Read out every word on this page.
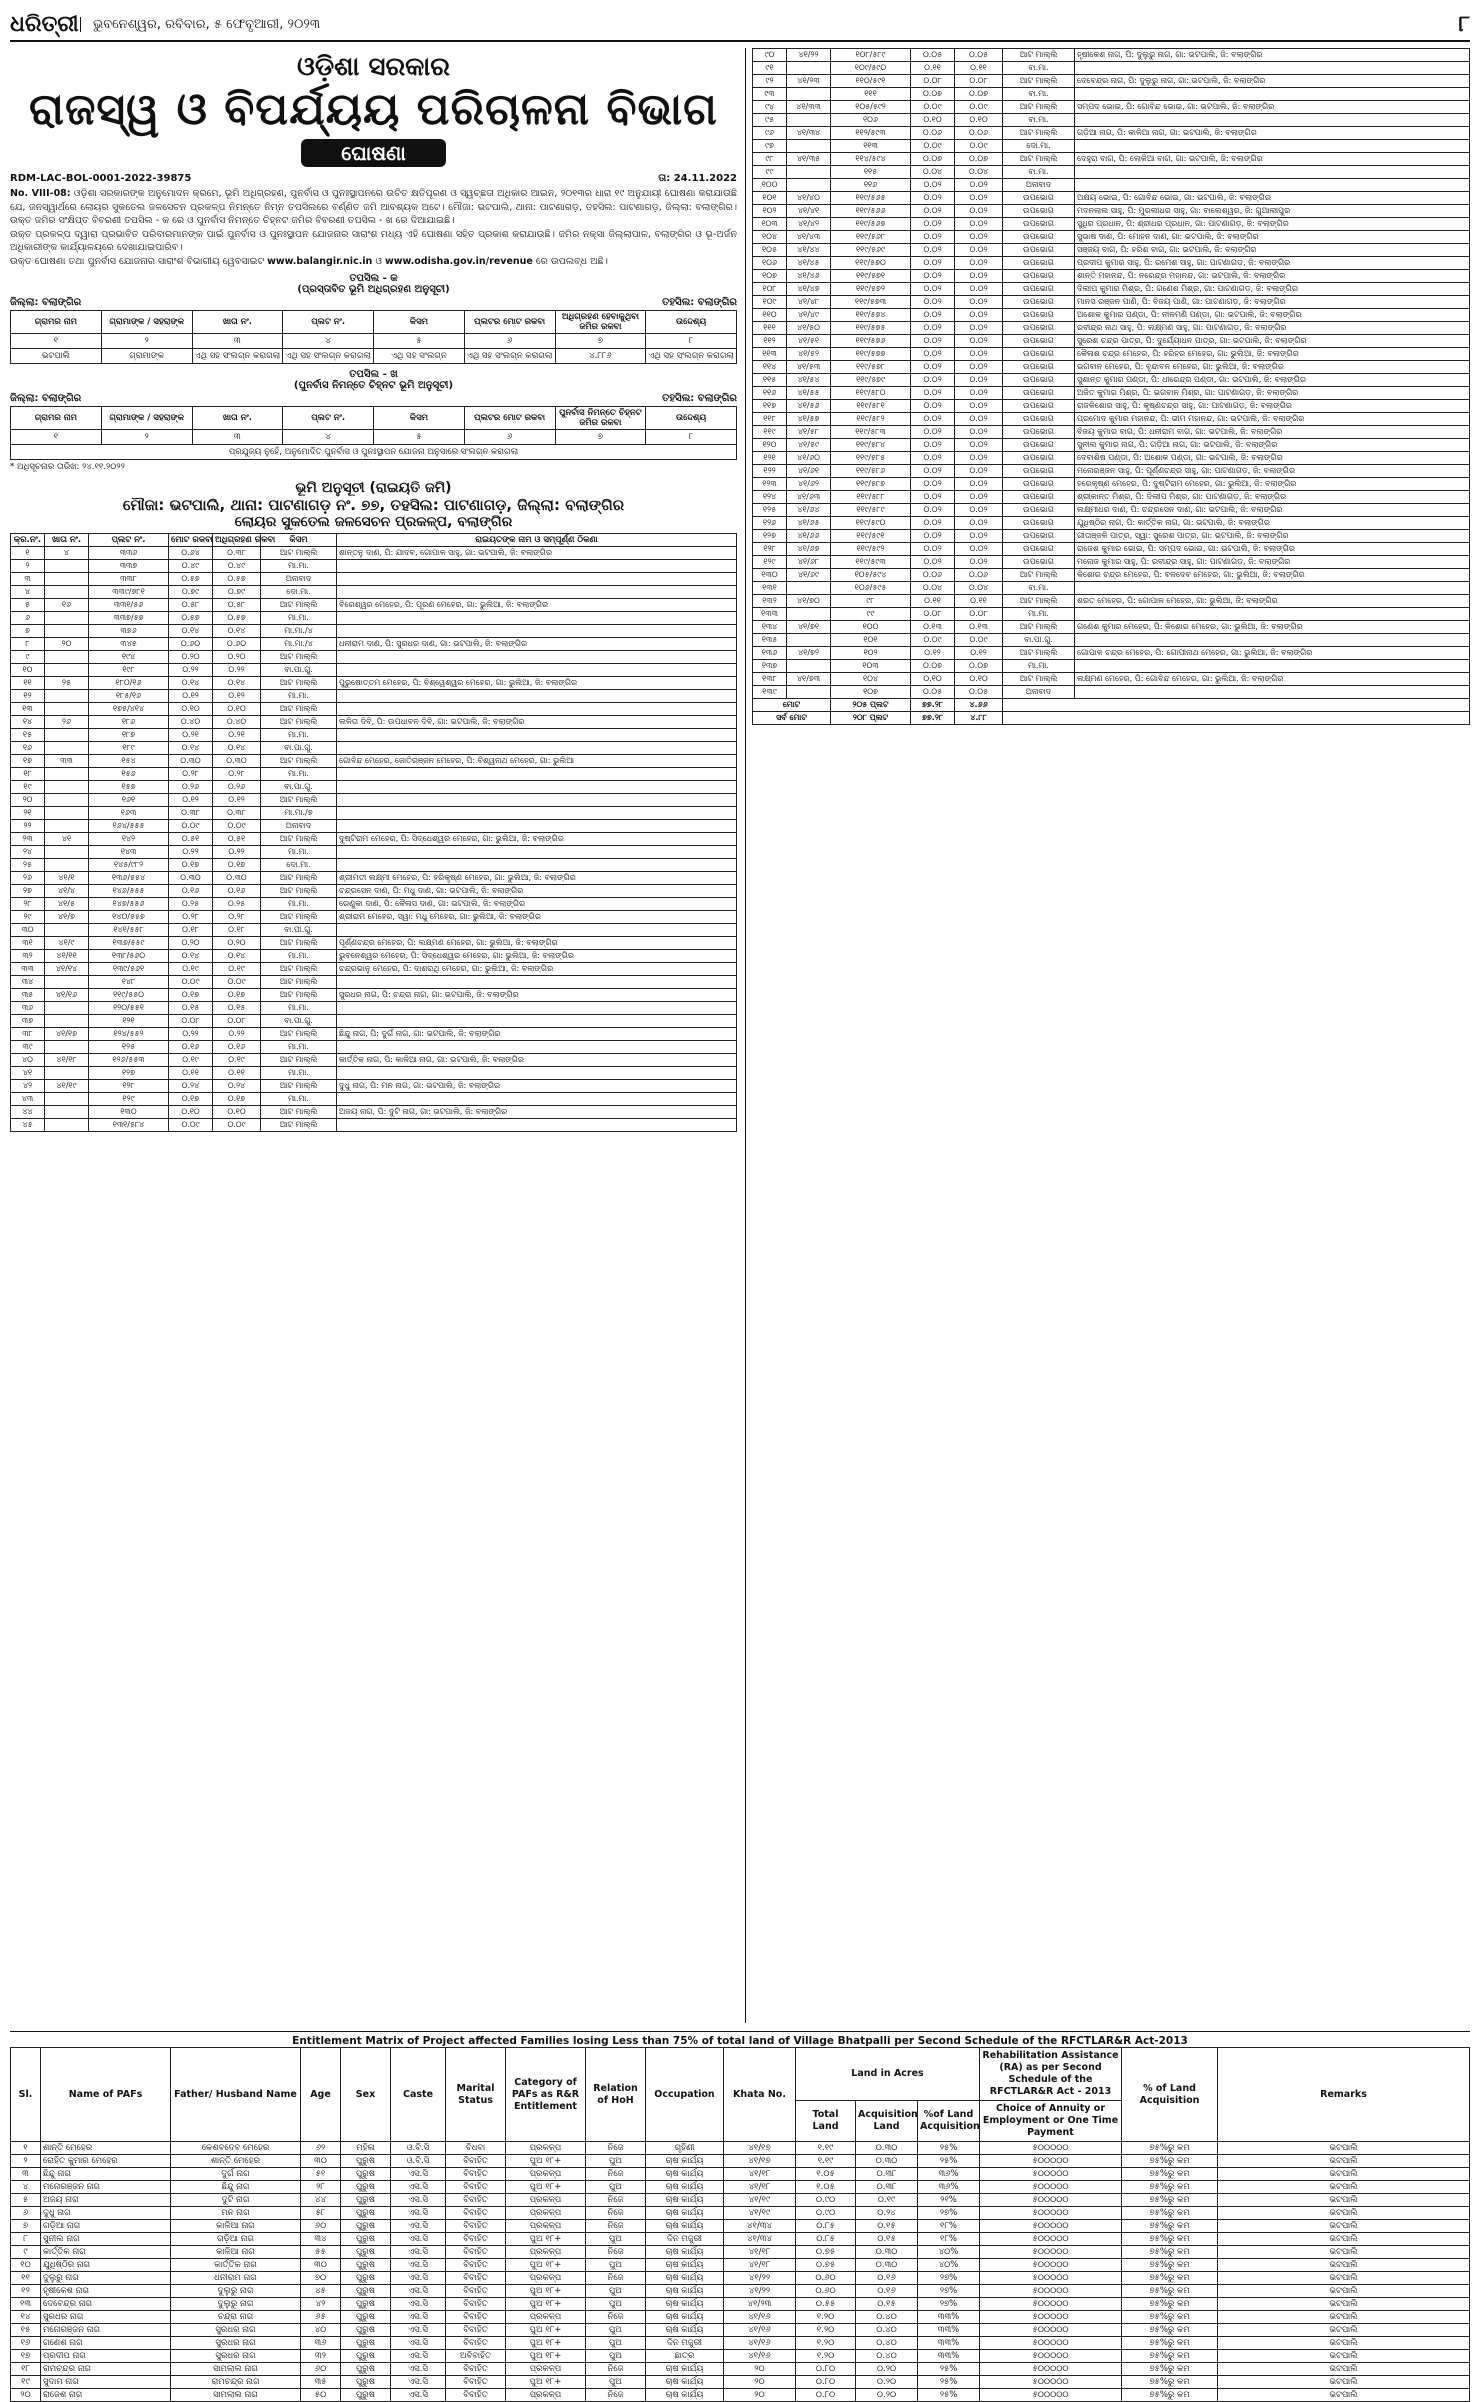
ଧରିତ୍ରୀ	ଭୁବନେଶ୍ୱର, ରବିବାର, ୫ ଫେବୃଆରୀ, ୨୦୨୩	୮
ଓଡ଼ିଶା ସରକାର
ରାଜସ୍ୱ ଓ ବିପର୍ଯ୍ୟୟ ପରିଚାଳନା ବିଭାଗ
ଘୋଷଣା
RDM-LAC-BOL-0001-2022-39875	ତା: 24.11.2022

No. VIII-08: ଓଡ଼ିଶା ସରକାରଙ୍କ ଅନୁମୋଦନ କ୍ରମେ, ଭୂମି ଅଧିଗ୍ରହଣ, ପୁନର୍ବାସ ଓ ପୁନଃସ୍ଥାପନରେ ଉଚିତ କ୍ଷତିପୂରଣ ଓ ସ୍ୱଚ୍ଛତା ଅଧିକାର ଆଇନ, ୨୦୧୩ର ଧାରା ୧୯ ଅନୁଯାୟୀ ଘୋଷଣା କରାଯାଉଛି ଯେ, ଜନସ୍ୱାର୍ଥରେ ଲୋୟର ସୁକତେଲ ଜଳସେଚନ ପ୍ରକଳ୍ପ ନିମନ୍ତେ ନିମ୍ନ ତପସିଲରେ ବର୍ଣ୍ଣିତ ଜମି ଆବଶ୍ୟକ ଅଟେ। ମୌଜା: ଭଟପାଲି, ଥାନା: ପାଟଣାଗଡ଼, ତହସିଲ: ପାଟଣାଗଡ଼, ଜିଲ୍ଲା: ବଲାଙ୍ଗିର। ଉକ୍ତ ଜମିର ସଂକ୍ଷିପ୍ତ ବିବରଣୀ ତପସିଲ - କ ରେ ଓ ପୁନର୍ବାସ ନିମନ୍ତେ ଚିହ୍ନଟ ଜମିର ବିବରଣୀ ତପସିଲ - ଖ ରେ ଦିଆଯାଇଛି।

ଉକ୍ତ ପ୍ରକଳ୍ପ ଦ୍ୱାରା ପ୍ରଭାବିତ ପରିବାରମାନଙ୍କ ପାଇଁ ପୁନର୍ବାସ ଓ ପୁନଃସ୍ଥାପନ ଯୋଜନାର ସାରାଂଶ ମଧ୍ୟ ଏହି ଘୋଷଣା ସହିତ ପ୍ରକାଶ କରାଯାଉଛି। ଜମିର ନକ୍ସା ଜିଲ୍ଲାପାଳ, ବଲାଙ୍ଗିର ଓ ଭୂ-ଅର୍ଜନ ଅଧିକାରୀଙ୍କ କାର୍ଯ୍ୟାଳୟରେ ଦେଖାଯାଇପାରିବ।

ଉକ୍ତ ଘୋଷଣା ତଥା ପୁନର୍ବାସ ଯୋଜନାର ସାରାଂଶ ବିଭାଗୀୟ ୱେବସାଇଟ www.balangir.nic.in ଓ www.odisha.gov.in/revenue ରେ ଉପଲବ୍ଧ ଅଛି।

ତପସିଲ - କ
(ପ୍ରସ୍ତାବିତ ଭୂମି ଅଧିଗ୍ରହଣ ଅନୁସୂଚୀ)
ଜିଲ୍ଲା: ବଲାଙ୍ଗିର	ତହସିଲ: ବଲାଙ୍ଗିର
ଗ୍ରାମର ନାମ	ଗ୍ରାମାଙ୍କ / ସହରାଙ୍କ	ଖାତା ନଂ.	ପ୍ଲଟ ନଂ.	କିସମ	ପ୍ଲଟର ମୋଟ ରକବା	ଅଧିଗ୍ରହଣ ହେବାକୁଥିବା ଜମିର ରକବା	ଉଦ୍ଦେଶ୍ୟ
୧	୨	୩	୪	୫	୬	୭	୮
ଭଟପାଲି	ଗ୍ରାମାଙ୍କ	ଏଥି ସହ ସଂଲଗ୍ନ କରାଗଲା	ଏଥି ସହ ସଂଲଗ୍ନ କରାଗଲା	ଏଥି ସହ ସଂଲଗ୍ନ	ଏଥି ସହ ସଂଲଗ୍ନ କରାଗଲା	୪.୮୮୬	ଏଥି ସହ ସଂଲଗ୍ନ କରାଗଲା
ତପସିଲ - ଖ
(ପୁନର୍ବାସ ନିମନ୍ତେ ଚିହ୍ନଟ ଭୂମି ଅନୁସୂଚୀ)
ଜିଲ୍ଲା: ବଲାଙ୍ଗିର	ତହସିଲ: ବଲାଙ୍ଗିର
ଗ୍ରାମର ନାମ	ଗ୍ରାମାଙ୍କ / ସହରାଙ୍କ	ଖାତା ନଂ.	ପ୍ଲଟ ନଂ.	କିସମ	ପ୍ଲଟର ମୋଟ ରକବା	ପୁନର୍ବାସ ନିମନ୍ତେ ଚିହ୍ନଟ ଜମିର ରକବା	ଉଦ୍ଦେଶ୍ୟ
୧	୨	୩	୪	୫	୬	୭	୮
ପ୍ରଯୁଜ୍ୟ ନୁହେଁ, ଅନୁମୋଦିତ ପୁନର୍ବାସ ଓ ପୁନଃସ୍ଥାପନ ଯୋଜନା ଅନୁସାରେ ସଂଲଗ୍ନ କରାଗଲା							
* ଅଧିସୂଚନାର ତାରିଖ: ୨୪.୧୧.୨୦୨୨
ଭୂମି ଅନୁସୂଚୀ (ରାଇୟତି ଜମି)
ମୌଜା: ଭଟପାଲି, ଥାନା: ପାଟଣାଗଡ଼ ନଂ. ୭୭, ତହସିଲ: ପାଟଣାଗଡ଼, ଜିଲ୍ଲା: ବଲାଙ୍ଗିର
ଲୋୟର ସୁକତେଲ ଜଳସେଚନ ପ୍ରକଳ୍ପ, ବଲାଙ୍ଗିର
କ୍ର.ନଂ.	ଖାତା ନଂ.	ପ୍ଲଟ ନଂ.	ମୋଟ ରକବା	ଅଧିଗ୍ରହଣ ରକବା	କିସମ	ରାଇୟତଙ୍କ ନାମ ଓ ସମ୍ପୂର୍ଣ୍ଣ ଠିକଣା
୧	୪	୩୩୬	୦.୬୪	୦.୩୮	ଆଟ ମାଲ୍ଲି	ଶାନ୍ତନୁ ଦାଣ, ପି: ଯାଦବ, ଗୋପାଳ ସାହୁ, ଗା: ଭଟପାଲି, ଜି: ବଲାଙ୍ଗିର
୨		୩୩୭	୦.୪୯	୦.୪୯	ମା.ମା.	
୩		୩୩୮	୦.୫୭	୦.୫୭	ଅନାବାଦ	
୪		୩୩୯/୭୮୧	୦.୭୯	୦.୭୯	ଦୋ.ମା.	
୫	୧୬	୩୩୧/୫୬	୦.୫୮	୦.୫୮	ଆଟ ମାଲ୍ଲି	ବିରେଶ୍ୱର ମେହେର, ପି: ପୂରଣ ମେହେର, ଗା: ଭୁଲିଆ, ଜି: ବଲାଙ୍ଗିର
୬		୩୩୭/୫୭	୦.୫୭	୦.୫୭	ମା.ମା.	
୭		୩୭୬	୦.୧୪	୦.୧୪	ମା.ମା./୪	
୮	୨୦	୩୪୫	୦.୬୦	୦.୬୦	ମା.ମା./୪	ଧନୀରାମ ଦାଣ, ପି: ସୁରଧର ଦାଣ, ଗା: ଭଟପାଲି, ଜି: ବଲାଙ୍ଗିର
୯		୧୯୪	୦.୨୦	୦.୨୦	ଆଟ ମାଲ୍ଲି	
୧୦		୧୯୮	୦.୨୨	୦.୨୨	ବା.ପା.ଗୁ.	
୧୧	୨୫	୧୮୦/୧୬	୦.୧୪	୦.୧୪	ଆଟ ମାଲ୍ଲି	ପୁରୁଷୋତ୍ତମ ମେହେର, ପି: ବିଶ୍ୱେଶ୍ୱର ମେହେର, ଗା: ଭୁଲିଆ, ଜି: ବଲାଙ୍ଗିର
୧୨		୧୮୫/୧୬	୦.୧୨	୦.୧୨	ମା.ମା.	
୧୩		୧୭୫/୪୧୪	୦.୧୦	୦.୧୦	ଆଟ ମାଲ୍ଲି	
୧୪	୨୬	୧୮୬	୦.୪୦	୦.୪୦	ଆଟ ମାଲ୍ଲି	ଲଳିତା ଦିବି, ପି: ଉପଧାବନ ଦିବି, ଗା: ଭଟପାଲି, ଜି: ବଲାଙ୍ଗିର
୧୫		୧୮୭	୦.୨୧	୦.୨୧	ମା.ମା.	
୧୬		୧୮୯	୦.୧୪	୦.୧୪	ବା.ପା.ଗୁ.	
୧୭	୩୩	୧୫୪	୦.୩୦	୦.୩୦	ଆଟ ମାଲ୍ଲି	ଗୋବିନ୍ଦ ମେହେର, ଜୋତିରଞ୍ଜନ ମେହେର, ପି: ବିଶ୍ୱନାଥ ମେହେର, ଗା: ଭୁଲିଆ
୧୮		୧୫୬	୦.୨୮	୦.୨୮	ମା.ମା.	
୧୯		୧୫୭	୦.୨୬	୦.୨୬	ବା.ପା.ଗୁ.	
୨୦		୧୬୧	୦.୧୨	୦.୧୨	ଆଟ ମାଲ୍ଲି	
୨୧		୧୬୩	୦.୩୮	୦.୩୮	ମା.ମା./୭	
୨୨		୧୬୪/୫୫୫	୦.୦୯	୦.୦୯	ଅନାବାଦ	
୨୩	୪୧	୧୪୨	୦.୫୧	୦.୫୧	ଆଟ ମାଲ୍ଲି	ଦୁଷ୍ଟିରାମ ମେହେର, ପି: ସିଦ୍ଧେଶ୍ୱର ମେହେର, ଗା: ଭୁଲିଆ, ଜି: ବଲାଙ୍ଗିର
୨୪		୧୪୩	୦.୨୨	୦.୨୨	ମା.ମା.	
୨୫		୧୪୫/୯୮୨	୦.୧୭	୦.୧୭	ଦୋ.ମା.	
୨୬	୪୧/୧	୧୩୬/୫୫୪	୦.୩୦	୦.୩୦	ଆଟ ମାଲ୍ଲି	ଶ୍ରୀମତୀ ଲକ୍ଷ୍ମୀ ମେହେର, ପି: ହରିକୃଷ୍ଣ ମେହେର, ଗା: ଭୁଲିଆ, ଜି: ବଲାଙ୍ଗିର
୨୭	୪୧/୪	୧୪୬/୫୫୫	୦.୧୬	୦.୧୬	ଆଟ ମାଲ୍ଲି	ଚନ୍ଦ୍ରସେନ ଦାଣ, ପି: ମଧୁ ଦାଣ, ଗା: ଭଟପାଲି, ଜି: ବଲାଙ୍ଗିର
୨୮	୪୧/୫	୧୪୭/୫୫୬	୦.୨୫	୦.୨୫	ମା.ମା.	ରେଣୁକା ଦାଣ, ପି: କୈଳାସ ଦାଣ, ଗା: ଭଟପାଲି, ଜି: ବଲାଙ୍ଗିର
୨୯	୪୧/୭	୧୪୦/୫୫୭	୦.୨୮	୦.୨୮	ଆଟ ମାଲ୍ଲି	ଶ୍ରୀରାମ ମେହେର, ସ୍ୱା: ମଧୁ ମେହେର, ଗା: ଭୁଲିଆ, ଜି: ବଲାଙ୍ଗିର
୩୦		୧୪୧/୫୫୮	୦.୧୮	୦.୧୮	ବା.ପା.ଗୁ.	
୩୧	୪୧/୯	୧୩୭/୫୫୯	୦.୨୦	୦.୨୦	ଆଟ ମାଲ୍ଲି	ପୂର୍ଣ୍ଣଚନ୍ଦ୍ର ମେହେର, ପି: ଲକ୍ଷ୍ମଣ ମେହେର, ଗା: ଭୁଲିଆ, ଜି: ବଲାଙ୍ଗିର
୩୨	୪୧/୧୧	୧୩୮/୫୬୦	୦.୧୪	୦.୧୪	ମା.ମା.	ଭୁବନେଶ୍ୱର ମେହେର, ପି: ସିଦ୍ଧେଶ୍ୱର ମେହେର, ଗା: ଭୁଲିଆ, ଜି: ବଲାଙ୍ଗିର
୩୩	୪୧/୧୪	୧୩୯/୫୬୧	୦.୧୯	୦.୧୯	ଆଟ ମାଲ୍ଲି	ଚନ୍ଦ୍ରଭାନୁ ମେହେର, ପି: ଦାଶରଥି ମେହେର, ଗା: ଭୁଲିଆ, ଜି: ବଲାଙ୍ଗିର
୩୪		୧୪୮	୦.୦୯	୦.୦୯	ଆଟ ମାଲ୍ଲି	
୩୫	୪୧/୧୬	୧୧୯/୫୫୦	୦.୧୭	୦.୧୭	ଆଟ ମାଲ୍ଲି	ସୁରଧର ନାଗ, ପି: ଚନ୍ଦ୍ରା ନାଗ, ଗା: ଭଟପାଲି, ଜି: ବଲାଙ୍ଗିର
୩୬		୧୨୦/୫୫୧	୦.୧୫	୦.୧୫	ମା.ମା.	
୩୭		୧୨୧	୦.୦୮	୦.୦୮	ବା.ପା.ଗୁ.	
୩୮	୪୧/୧୭	୧୨୪/୫୫୨	୦.୨୨	୦.୨୨	ଆଟ ମାଲ୍ଲି	ଛିନ୍ଦୁ ନାଗ, ପି: ଦୁର୍ଗ ନାଗ, ଗା: ଭଟପାଲି, ଜି: ବଲାଙ୍ଗିର
୩୯		୧୨୫	୦.୧୬	୦.୧୬	ମା.ମା.	
୪୦	୪୧/୧୮	୧୨୬/୫୫୩	୦.୧୯	୦.୧୯	ଆଟ ମାଲ୍ଲି	କାର୍ତ୍ତିକ ନାଗ, ପି: କାଳିଆ ନାଗ, ଗା: ଭଟପାଲି, ଜି: ବଲାଙ୍ଗିର
୪୧		୧୨୭	୦.୧୧	୦.୧୧	ମା.ମା.	
୪୨	୪୧/୧୯	୧୨୮	୦.୨୪	୦.୨୪	ଆଟ ମାଲ୍ଲି	ଦୁଧୁ ନାଗ, ପି: ମନ ନାଗ, ଗା: ଭଟପାଲି, ଜି: ବଲାଙ୍ଗିର
୪୩		୧୨୯	୦.୧୭	୦.୧୭	ମା.ମା.	
୪୪		୧୩୦	୦.୧୦	୦.୧୦	ଆଟ ମାଲ୍ଲି	ଅଜୟ ନାଗ, ପି: ଦୁଟି ନାଗ, ଗା: ଭଟପାଲି, ଜି: ବଲାଙ୍ଗିର
୪୫		୧୩୧/୫୮୪	୦.୦୯	୦.୦୯	ଆଟ ମାଲ୍ଲି	
୯୦	୪୧/୨୨	୧୦୮/୫୮୯	୦.୦୫	୦.୦୫	ଆଟ ମାଲ୍ଲି	ହୃଷୀକେଶ ନାଗ, ପି: ଦୁଲୁରୁ ନାଗ, ଗା: ଭଟପାଲି, ଜି: ବଲାଙ୍ଗିର
୯୧		୧୦୯/୫୯୦	୦.୧୧	୦.୧୧	ବା.ମା.	
୯୨	୪୧/୨୩	୧୧୦/୫୯୧	୦.୦୮	୦.୦୮	ଆଟ ମାଲ୍ଲି	ଦେବେନ୍ଦ୍ର ନାଗ, ପି: ଦୁଲୁରୁ ନାଗ, ଗା: ଭଟପାଲି, ଜି: ବଲାଙ୍ଗିର
୯୩		୧୧୧	୦.୦୭	୦.୦୭	ବା.ମା.	
୯୪	୪୧/୩୩	୧୦୫/୫୯୨	୦.୦୯	୦.୦୯	ଆଟ ମାଲ୍ଲି	ସମ୍ପଦ ଭୋଇ, ପି: ଗୋବିନ୍ଦ ଭୋଇ, ଗା: ଭଟପାଲି, ଜି: ବଲାଙ୍ଗିର
୯୫		୧୦୬	୦.୧୦	୦.୧୦	ବା.ମା.	
୯୬	୪୧/୩୪	୧୧୨/୫୯୩	୦.୦୬	୦.୦୬	ଆଟ ମାଲ୍ଲି	ଗଡ଼ିଆ ନାଗ, ପି: କାଳିଆ ନାଗ, ଗା: ଭଟପାଲି, ଜି: ବଲାଙ୍ଗିର
୯୭		୧୧୩	୦.୦୯	୦.୦୯	ଦୋ.ମା.	
୯୮	୪୧/୩୫	୧୧୪/୫୯୪	୦.୦୭	୦.୦୭	ଆଟ ମାଲ୍ଲି	ଦେହୁରା ବାଗ, ପି: ଲୋକିଆ ବାଗ, ଗା: ଭଟପାଲି, ଜି: ବଲାଙ୍ଗିର
୯୯		୧୧୫	୦.୦୪	୦.୦୪	ବା.ମା.	
୧୦୦		୧୧୬	୦.୦୨	୦.୦୨	ଅନାବାଦ	
୧୦୧	୪୧/୪୦	୧୧୯/୫୬୫	୦.୦୨	୦.୦୨	ଉପଭୋଗ	ଅକ୍ଷୟ ଭୋଇ, ପି: ଗୋବିନ୍ଦ ଭୋଇ, ଗା: ଭଟପାଲି, ଜି: ବଲାଙ୍ଗିର
୧୦୨	୪୧/୪୧	୧୧୯/୫୬୬	୦.୦୨	୦.୦୨	ଉପଭୋଗ	ମଦନଲାଲ ସାହୁ, ପି: ମୁରଲୀଧର ସାହୁ, ଗା: ବାଲେଶ୍ୱର, ଜି: ଗୁଆଲୀପୁର
୧୦୩	୪୧/୪୨	୧୧୯/୫୬୭	୦.୦୨	୦.୦୨	ଉପଭୋଗ	ସୁଧିର ପ୍ରଧାନ, ପି: ଶ୍ରୀଧର ପ୍ରଧାନ, ଗା: ପାଟଣାଗଡ଼, ଜି: ବଲାଙ୍ଗିର
୧୦୪	୪୧/୪୩	୧୧୯/୫୬୮	୦.୦୨	୦.୦୨	ଉପଭୋଗ	ସୁଭାଷ ଦାଣ, ପି: ମୋହନ ଦାଣ, ଗା: ଭଟପାଲି, ଜି: ବଲାଙ୍ଗିର
୧୦୫	୪୧/୪୪	୧୧୯/୫୬୯	୦.୦୨	୦.୦୨	ଉପଭୋଗ	ସଞ୍ଜୟ ବାଗ, ପି: ହରିଶ ବାଗ, ଗା: ଭଟପାଲି, ଜି: ବଲାଙ୍ଗିର
୧୦୬	୪୧/୪୫	୧୧୯/୫୭୦	୦.୦୨	୦.୦୨	ଉପଭୋଗ	ପ୍ରଦୀପ କୁମାର ସାହୁ, ପି: ରମେଶ ସାହୁ, ଗା: ପାଟଣାଗଡ଼, ଜି: ବଲାଙ୍ଗିର
୧୦୭	୪୧/୪୬	୧୧୯/୫୭୧	୦.୦୨	୦.୦୨	ଉପଭୋଗ	ଶାନ୍ତି ମହାନନ୍ଦ, ପି: ନରେନ୍ଦ୍ର ମହାନନ୍ଦ, ଗା: ଭଟପାଲି, ଜି: ବଲାଙ୍ଗିର
୧୦୮	୪୧/୪୭	୧୧୯/୫୭୨	୦.୦୨	୦.୦୨	ଉପଭୋଗ	ଦିଲୀପ କୁମାର ମିଶ୍ର, ପି: ଗଣେଶ ମିଶ୍ର, ଗା: ପାଟଣାଗଡ଼, ଜି: ବଲାଙ୍ଗିର
୧୦୯	୪୧/୪୮	୧୧୯/୫୭୩	୦.୦୨	୦.୦୨	ଉପଭୋଗ	ମାନସ ରଞ୍ଜନ ପାଣି, ପି: ବିଜୟ ପାଣି, ଗା: ପାଟଣାଗଡ଼, ଜି: ବଲାଙ୍ଗିର
୧୧୦	୪୧/୪୯	୧୧୯/୫୭୪	୦.୦୨	୦.୦୨	ଉପଭୋଗ	ଅଶୋକ କୁମାର ପଣ୍ଡା, ପି: ନୀଳମଣି ପଣ୍ଡା, ଗା: ଭଟପାଲି, ଜି: ବଲାଙ୍ଗିର
୧୧୧	୪୧/୫୦	୧୧୯/୫୭୫	୦.୦୨	୦.୦୨	ଉପଭୋଗ	ରବୀନ୍ଦ୍ର ନାଥ ସାହୁ, ପି: ଲକ୍ଷ୍ମଣ ସାହୁ, ଗା: ପାଟଣାଗଡ଼, ଜି: ବଲାଙ୍ଗିର
୧୧୨	୪୧/୫୧	୧୧୯/୫୭୬	୦.୦୨	୦.୦୨	ଉପଭୋଗ	ସୁରେଶ ଚନ୍ଦ୍ର ପାତ୍ର, ପି: ଦୁର୍ଯ୍ୟୋଧନ ପାତ୍ର, ଗା: ଭଟପାଲି, ଜି: ବଲାଙ୍ଗିର
୧୧୩	୪୧/୫୨	୧୧୯/୫୭୭	୦.୦୨	୦.୦୨	ଉପଭୋଗ	କୈଳାଶ ଚନ୍ଦ୍ର ମେହେର, ପି: ହରିହର ମେହେର, ଗା: ଭୁଲିଆ, ଜି: ବଲାଙ୍ଗିର
୧୧୪	୪୧/୫୩	୧୧୯/୫୭୮	୦.୦୨	୦.୦୨	ଉପଭୋଗ	ଭଗବାନ ମେହେର, ପି: ବୃନ୍ଦାବନ ମେହେର, ଗା: ଭୁଲିଆ, ଜି: ବଲାଙ୍ଗିର
୧୧୫	୪୧/୫୪	୧୧୯/୫୭୯	୦.୦୨	୦.୦୨	ଉପଭୋଗ	ସୁଶାନ୍ତ କୁମାର ପଣ୍ଡା, ପି: ଧୀରେନ୍ଦ୍ର ପଣ୍ଡା, ଗା: ଭଟପାଲି, ଜି: ବଲାଙ୍ଗିର
୧୧୬	୪୧/୫୫	୧୧୯/୫୮୦	୦.୦୨	୦.୦୨	ଉପଭୋଗ	ଅଜିତ କୁମାର ମିଶ୍ର, ପି: ଭଗବାନ ମିଶ୍ର, ଗା: ପାଟଣାଗଡ଼, ଜି: ବଲାଙ୍ଗିର
୧୧୭	୪୧/୫୬	୧୧୯/୫୮୧	୦.୦୨	୦.୦୨	ଉପଭୋଗ	ରାଜକିଶୋର ସାହୁ, ପି: କୃଷ୍ଣଚନ୍ଦ୍ର ସାହୁ, ଗା: ପାଟଣାଗଡ଼, ଜି: ବଲାଙ୍ଗିର
୧୧୮	୪୧/୫୭	୧୧୯/୫୮୨	୦.୦୨	୦.୦୨	ଉପଭୋଗ	ପ୍ରମୋଦ କୁମାର ମହାନନ୍ଦ, ପି: ଭୀମ ମହାନନ୍ଦ, ଗା: ଭଟପାଲି, ଜି: ବଲାଙ୍ଗିର
୧୧୯	୪୧/୫୮	୧୧୯/୫୮୩	୦.୦୨	୦.୦୨	ଉପଭୋଗ	ବିଜୟ କୁମାର ବାଗ, ପି: ଧନୀରାମ ବାଗ, ଗା: ଭଟପାଲି, ଜି: ବଲାଙ୍ଗିର
୧୨୦	୪୧/୫୯	୧୧୯/୫୮୪	୦.୦୨	୦.୦୨	ଉପଭୋଗ	ସୁନୀଲ କୁମାର ନାଗ, ପି: ଗଡ଼ିଆ ନାଗ, ଗା: ଭଟପାଲି, ଜି: ବଲାଙ୍ଗିର
୧୨୧	୪୧/୬୦	୧୧୯/୫୮୫	୦.୦୨	୦.୦୨	ଉପଭୋଗ	ଦେବାଶିଷ ପଣ୍ଡା, ପି: ଅଶୋକ ପଣ୍ଡା, ଗା: ଭଟପାଲି, ଜି: ବଲାଙ୍ଗିର
୧୨୨	୪୧/୬୧	୧୧୯/୫୮୬	୦.୦୨	୦.୦୨	ଉପଭୋଗ	ମନୋରଞ୍ଜନ ସାହୁ, ପି: ପୂର୍ଣ୍ଣଚନ୍ଦ୍ର ସାହୁ, ଗା: ପାଟଣାଗଡ଼, ଜି: ବଲାଙ୍ଗିର
୧୨୩	୪୧/୬୨	୧୧୯/୫୮୭	୦.୦୨	୦.୦୨	ଉପଭୋଗ	ହରେକୃଷ୍ଣ ମେହେର, ପି: ଦୁଷ୍ଟିରାମ ମେହେର, ଗା: ଭୁଲିଆ, ଜି: ବଲାଙ୍ଗିର
୧୨୪	୪୧/୬୩	୧୧୯/୫୮୮	୦.୦୨	୦.୦୨	ଉପଭୋଗ	ଶ୍ରୀକାନ୍ତ ମିଶ୍ର, ପି: ଦିଲୀପ ମିଶ୍ର, ଗା: ପାଟଣାଗଡ଼, ଜି: ବଲାଙ୍ଗିର
୧୨୫	୪୧/୬୪	୧୧୯/୫୮୯	୦.୦୨	୦.୦୨	ଉପଭୋଗ	ଲକ୍ଷ୍ମୀଧର ଦାଣ, ପି: ଚନ୍ଦ୍ରସେନ ଦାଣ, ଗା: ଭଟପାଲି, ଜି: ବଲାଙ୍ଗିର
୧୨୬	୪୧/୬୫	୧୧୯/୫୯୦	୦.୦୨	୦.୦୨	ଉପଭୋଗ	ଯୁଧିଷ୍ଠିର ନାଗ, ପି: କାର୍ତ୍ତିକ ନାଗ, ଗା: ଭଟପାଲି, ଜି: ବଲାଙ୍ଗିର
୧୨୭	୪୧/୬୬	୧୧୯/୫୯୧	୦.୦୨	୦.୦୨	ଉପଭୋଗ	ଗୀତାଞ୍ଜଳି ପାତ୍ର, ସ୍ୱା: ସୁରେଶ ପାତ୍ର, ଗା: ଭଟପାଲି, ଜି: ବଲାଙ୍ଗିର
୧୨୮	୪୧/୬୭	୧୧୯/୫୯୨	୦.୦୨	୦.୦୨	ଉପଭୋଗ	ରାଜେଶ କୁମାର ଭୋଇ, ପି: ସମ୍ପଦ ଭୋଇ, ଗା: ଭଟପାଲି, ଜି: ବଲାଙ୍ଗିର
୧୨୯	୪୧/୬୮	୧୧୯/୫୯୩	୦.୦୨	୦.୦୨	ଉପଭୋଗ	ମନୋଜ କୁମାର ସାହୁ, ପି: ରବୀନ୍ଦ୍ର ସାହୁ, ଗା: ପାଟଣାଗଡ଼, ଜି: ବଲାଙ୍ଗିର
୧୩୦	୪୧/୬୯	୧୦୫/୫୯୪	୦.୦୬	୦.୦୬	ଆଟ ମାଲ୍ଲି	କିଶୋର ଚନ୍ଦ୍ର ମେହେର, ପି: ବଳଦେବ ମେହେର, ଗା: ଭୁଲିଆ, ଜି: ବଲାଙ୍ଗିର
୧୩୧		୧୦୬/୫୯୫	୦.୦୪	୦.୦୪	ବା.ମା.	
୧୩୨	୪୧/୭୦	୯୮	୦.୧୧	୦.୧୧	ଆଟ ମାଲ୍ଲି	ଶରତ ମେହେର, ପି: ଗୋପାଳ ମେହେର, ଗା: ଭୁଲିଆ, ଜି: ବଲାଙ୍ଗିର
୧୩୩		୯୯	୦.୦୮	୦.୦୮	ମା.ମା.	
୧୩୪	୪୧/୭୧	୧୦୦	୦.୧୩	୦.୧୩	ଆଟ ମାଲ୍ଲି	ଗଣେଶ କୁମାର ମେହେର, ପି: କିଶୋର ମେହେର, ଗା: ଭୁଲିଆ, ଜି: ବଲାଙ୍ଗିର
୧୩୫		୧୦୧	୦.୦୯	୦.୦୯	ବା.ପା.ଗୁ.	
୧୩୬	୪୧/୭୨	୧୦୨	୦.୧୨	୦.୧୨	ଆଟ ମାଲ୍ଲି	ଗୋପାଳ ଚନ୍ଦ୍ର ମେହେର, ପି: ଗୋପୀନାଥ ମେହେର, ଗା: ଭୁଲିଆ, ଜି: ବଲାଙ୍ଗିର
୧୩୭		୧୦୩	୦.୦୭	୦.୦୭	ମା.ମା.	
୧୩୮	୪୧/୭୩	୧୦୪	୦.୧୦	୦.୧୦	ଆଟ ମାଲ୍ଲି	ଲକ୍ଷ୍ମଣ ମେହେର, ପି: ଗୋବିନ୍ଦ ମେହେର, ଗା: ଭୁଲିଆ, ଜି: ବଲାଙ୍ଗିର
୧୩୯		୧୦୭	୦.୦୫	୦.୦୫	ଅନାବାଦ	
ମୋଟ		୨୦୫ ପ୍ଲଟ	୭୭.୨୮	୪.୬୬		
ସର୍ବ ମୋଟ		୨୦୮ ପ୍ଲଟ	୭୭.୨୮	୪.୮୮		
Entitlement Matrix of Project affected Families losing Less than 75% of total land of Village Bhatpalli per Second Schedule of the RFCTLAR&R Act-2013
Sl.	Name of PAFs	Father/ Husband Name	Age	Sex	Caste	Marital Status	Category of PAFs as R&R Entitlement	Relation of HoH	Occupation	Khata No.	Land in Acres			Rehabilitation Assistance (RA) as per Second Schedule of the RFCTLAR&R Act - 2013	% of Land Acquisition	Remarks
											Total Land	Acquisition Land	%of Land Acquisition	Choice of Annuity or Employment or One Time Payment		
୧	ଶାନ୍ତି ମେହେର	କେଶବଦେବ ମେହେର	୬୨	ମହିଳା	ଓ.ବି.ସି	ବିଧବା	ପ୍ରକଳ୍ପ	ନିଜେ	ଗୃହିଣୀ	୪୧/୧୭	୧.୧୯	୦.୩୦	୨୫%	୫୦୦୦୦୦	୭୫%ରୁ କମ	ଭଟପାଲି
୨	ରୋହିତ କୁମାର ମେହେର	ଶାନ୍ତି ମେହେର	୩୦	ପୁରୁଷ	ଓ.ବି.ସି	ବିବାହିତ	ପୁଅ ୧୮+	ପୁଅ	ଚାଷ କାର୍ଯ୍ୟ	୪୧/୧୭	୧.୧୯	୦.୩୦	୨୫%	୫୦୦୦୦୦	୭୫%ରୁ କମ	ଭଟପାଲି
୩	ଛିନ୍ଦୁ ନାଗ	ଦୁର୍ଗ ନାଗ	୫୧	ପୁରୁଷ	ଏସ.ସି	ବିବାହିତ	ପ୍ରକଳ୍ପ	ନିଜେ	ଚାଷ କାର୍ଯ୍ୟ	୪୧/୧୮	୧.୦୫	୦.୩୮	୩୬%	୫୦୦୦୦୦	୭୫%ରୁ କମ	ଭଟପାଲି
୪	ମନୋରଞ୍ଜନ ନାଗ	ଛିନ୍ଦୁ ନାଗ	୨୮	ପୁରୁଷ	ଏସ.ସି	ବିବାହିତ	ପୁଅ ୧୮+	ପୁଅ	ଚାଷ କାର୍ଯ୍ୟ	୪୧/୧୮	୧.୦୫	୦.୩୮	୩୬%	୫୦୦୦୦୦	୭୫%ରୁ କମ	ଭଟପାଲି
୫	ଅଜୟ ନାଗ	ଦୁଟି ନାଗ	୪୪	ପୁରୁଷ	ଏସ.ସି	ବିବାହିତ	ପ୍ରକଳ୍ପ	ନିଜେ	ଚାଷ କାର୍ଯ୍ୟ	୪୧/୧୯	୦.୯୦	୦.୧୯	୨୧%	୫୦୦୦୦୦	୭୫%ରୁ କମ	ଭଟପାଲି
୬	ଦୁଧୁ ନାଗ	ମନ ନାଗ	୫୮	ପୁରୁଷ	ଏସ.ସି	ବିବାହିତ	ପ୍ରକଳ୍ପ	ନିଜେ	ଚାଷ କାର୍ଯ୍ୟ	୪୧/୧୯	୦.୯୦	୦.୨୪	୨୭%	୫୦୦୦୦୦	୭୫%ରୁ କମ	ଭଟପାଲି
୭	ଗଡ଼ିଆ ନାଗ	କାଳିଆ ନାଗ	୬୦	ପୁରୁଷ	ଏସ.ସି	ବିବାହିତ	ପ୍ରକଳ୍ପ	ନିଜେ	ଚାଷ କାର୍ଯ୍ୟ	୪୧/୩୪	୦.୮୫	୦.୧୫	୧୮%	୫୦୦୦୦୦	୭୫%ରୁ କମ	ଭଟପାଲି
୮	ସୁନୀଲ ନାଗ	ଗଡ଼ିଆ ନାଗ	୩୪	ପୁରୁଷ	ଏସ.ସି	ବିବାହିତ	ପୁଅ ୧୮+	ପୁଅ	ଦିନ ମଜୁରୀ	୪୧/୩୪	୦.୮୫	୦.୧୫	୧୮%	୫୦୦୦୦୦	୭୫%ରୁ କମ	ଭଟପାଲି
୯	କାର୍ତ୍ତିକ ନାଗ	କାଳିଆ ନାଗ	୫୫	ପୁରୁଷ	ଏସ.ସି	ବିବାହିତ	ପ୍ରକଳ୍ପ	ନିଜେ	ଚାଷ କାର୍ଯ୍ୟ	୪୧/୧୮	୦.୭୫	୦.୩୦	୪୦%	୫୦୦୦୦୦	୭୫%ରୁ କମ	ଭଟପାଲି
୧୦	ଯୁଧିଷ୍ଠିର ନାଗ	କାର୍ତ୍ତିକ ନାଗ	୩୦	ପୁରୁଷ	ଏସ.ସି	ବିବାହିତ	ପୁଅ ୧୮+	ପୁଅ	ଚାଷ କାର୍ଯ୍ୟ	୪୧/୧୮	୦.୭୫	୦.୩୦	୪୦%	୫୦୦୦୦୦	୭୫%ରୁ କମ	ଭଟପାଲି
୧୧	ଦୁଲୁରୁ ନାଗ	ଧନୀରାମ ନାଗ	୭୦	ପୁରୁଷ	ଏସ.ସି	ବିବାହିତ	ପ୍ରକଳ୍ପ	ନିଜେ	ଚାଷ କାର୍ଯ୍ୟ	୪୧/୨୨	୦.୬୦	୦.୧୬	୨୭%	୫୦୦୦୦୦	୭୫%ରୁ କମ	ଭଟପାଲି
୧୨	ହୃଷୀକେଶ ନାଗ	ଦୁଲୁରୁ ନାଗ	୪୫	ପୁରୁଷ	ଏସ.ସି	ବିବାହିତ	ପୁଅ ୧୮+	ପୁଅ	ଚାଷ କାର୍ଯ୍ୟ	୪୧/୨୨	୦.୬୦	୦.୧୬	୨୭%	୫୦୦୦୦୦	୭୫%ରୁ କମ	ଭଟପାଲି
୧୩	ଦେବେନ୍ଦ୍ର ନାଗ	ଦୁଲୁରୁ ନାଗ	୪୨	ପୁରୁଷ	ଏସ.ସି	ବିବାହିତ	ପୁଅ ୧୮+	ପୁଅ	ଚାଷ କାର୍ଯ୍ୟ	୪୧/୨୩	୦.୫୫	୦.୧୫	୨୭%	୫୦୦୦୦୦	୭୫%ରୁ କମ	ଭଟପାଲି
୧୪	ସୁରଧର ନାଗ	ଚନ୍ଦ୍ରା ନାଗ	୬୫	ପୁରୁଷ	ଏସ.ସି	ବିବାହିତ	ପ୍ରକଳ୍ପ	ନିଜେ	ଚାଷ କାର୍ଯ୍ୟ	୪୧/୧୬	୧.୨୦	୦.୪୦	୩୩%	୫୦୦୦୦୦	୭୫%ରୁ କମ	ଭଟପାଲି
୧୫	ମନୋରଞ୍ଜନ ନାଗ	ସୁରଧର ନାଗ	୪୦	ପୁରୁଷ	ଏସ.ସି	ବିବାହିତ	ପୁଅ ୧୮+	ପୁଅ	ଚାଷ କାର୍ଯ୍ୟ	୪୧/୧୬	୧.୨୦	୦.୪୦	୩୩%	୫୦୦୦୦୦	୭୫%ରୁ କମ	ଭଟପାଲି
୧୬	ଗଣେଶ ନାଗ	ସୁରଧର ନାଗ	୩୬	ପୁରୁଷ	ଏସ.ସି	ବିବାହିତ	ପୁଅ ୧୮+	ପୁଅ	ଦିନ ମଜୁରୀ	୪୧/୧୬	୧.୨୦	୦.୪୦	୩୩%	୫୦୦୦୦୦	୭୫%ରୁ କମ	ଭଟପାଲି
୧୭	ପ୍ରଦୀପ ନାଗ	ସୁରଧର ନାଗ	୩୨	ପୁରୁଷ	ଏସ.ସି	ଅବିବାହିତ	ପୁଅ ୧୮+	ପୁଅ	ଛାତ୍ର	୪୧/୧୬	୧.୨୦	୦.୪୦	୩୩%	୫୦୦୦୦୦	୭୫%ରୁ କମ	ଭଟପାଲି
୧୮	ରାମଚନ୍ଦ୍ର ନାଗ	ସାମଲାଲ ନାଗ	୬୦	ପୁରୁଷ	ଏସ.ସି	ବିବାହିତ	ପ୍ରକଳ୍ପ	ନିଜେ	ଚାଷ କାର୍ଯ୍ୟ	୨୦	୦.୮୦	୦.୨୦	୨୫%	୫୦୦୦୦୦	୭୫%ରୁ କମ	ଭଟପାଲି
୧୯	ସୁଦାମ ନାଗ	ରାମଚନ୍ଦ୍ର ନାଗ	୩୫	ପୁରୁଷ	ଏସ.ସି	ବିବାହିତ	ପୁଅ ୧୮+	ପୁଅ	ଚାଷ କାର୍ଯ୍ୟ	୨୦	୦.୮୦	୦.୨୦	୨୫%	୫୦୦୦୦୦	୭୫%ରୁ କମ	ଭଟପାଲି
୨୦	ରାଜେଶ ନାଗ	ସାମଲାଲ ନାଗ	୫୦	ପୁରୁଷ	ଏସ.ସି	ବିବାହିତ	ପ୍ରକଳ୍ପ	ନିଜେ	ଚାଷ କାର୍ଯ୍ୟ	୨୦	୦.୮୦	୦.୨୦	୨୫%	୫୦୦୦୦୦	୭୫%ରୁ କମ	ଭଟପାଲି
